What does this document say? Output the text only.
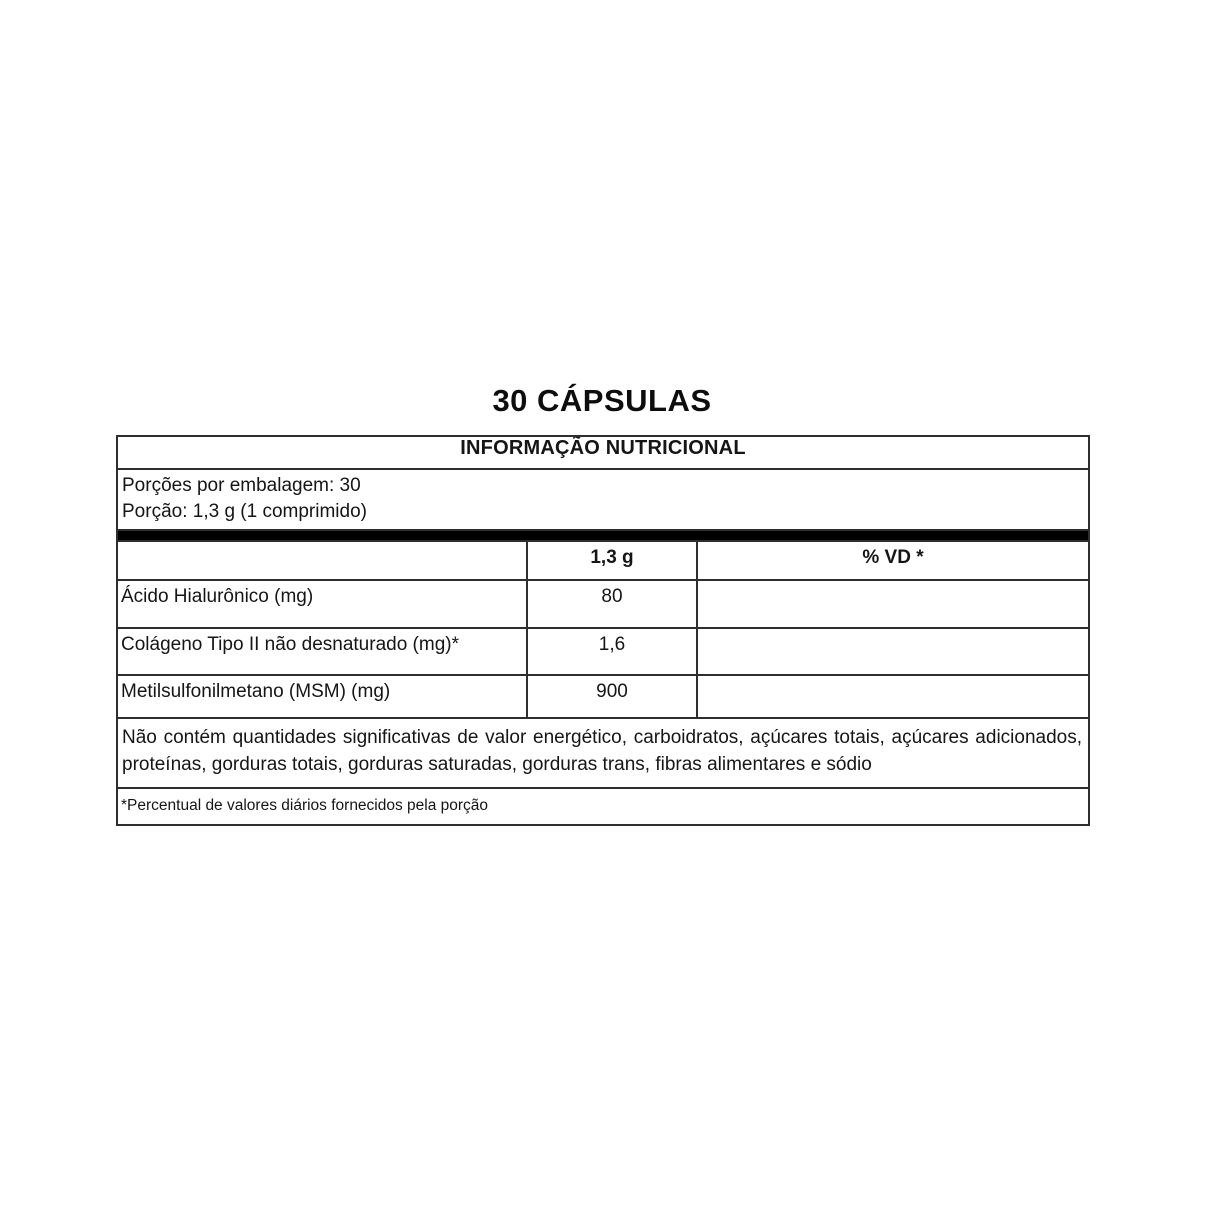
30 CÁPSULAS
INFORMAÇÃO NUTRICIONAL		

Porções por embalagem: 30
Porção: 1,3 g (1 comprimido)		

	1,3 g	% VD *
Ácido Hialurônico (mg)	80	
Colágeno Tipo II não desnaturado (mg)*	1,6	
Metilsulfonilmetano (MSM) (mg)	900	
Não contém quantidades significativas de valor energético, carboidratos, açúcares totais, açúcares adicionados, proteínas, gorduras totais, gorduras saturadas, gorduras trans, fibras alimentares e sódio		
*Percentual de valores diários fornecidos pela porção		
